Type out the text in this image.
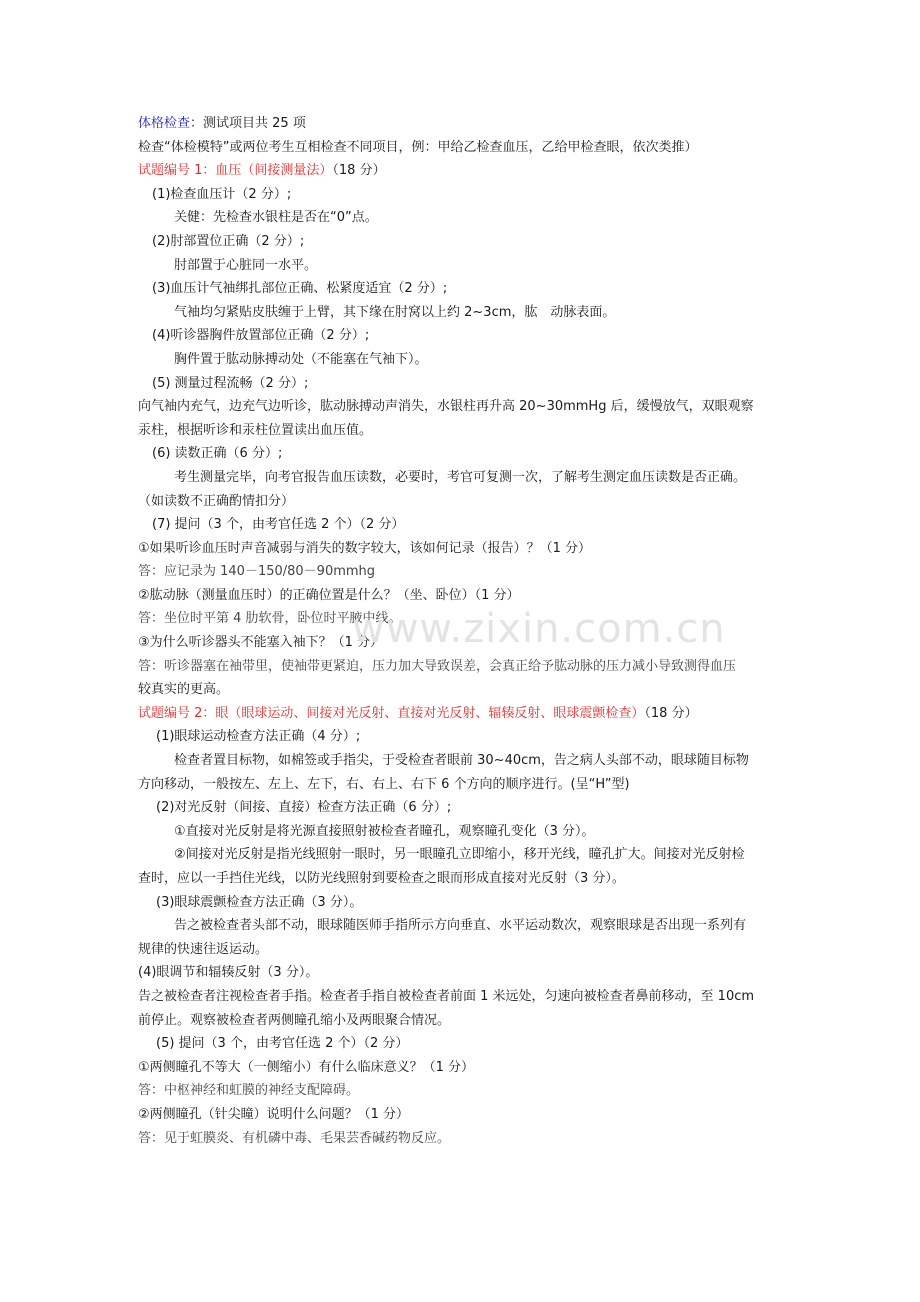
体格检查：测试项目共 25 项
检查“体检模特”或两位考生互相检查不同项目，例：甲给乙检查血压，乙给甲检查眼，依次类推）
试题编号 1：血压（间接测量法）（18 分）
(1)检查血压计（2 分）;
关健：先检查水银柱是否在“0”点。
(2)肘部置位正确（2 分）;
肘部置于心脏同一水平。
(3)血压计气袖绑扎部位正确、松紧度适宜（2 分）;
气袖均匀紧贴皮肤缠于上臂，其下缘在肘窝以上约 2~3cm，肱　动脉表面。
(4)听诊器胸件放置部位正确（2 分）;
胸件置于肱动脉搏动处（不能塞在气袖下）。
(5) 测量过程流畅（2 分）;
向气袖内充气，边充气边听诊，肱动脉搏动声消失，水银柱再升高 20~30mmHg 后，缓慢放气，双眼观察
汞柱，根据听诊和汞柱位置读出血压值。
(6) 读数正确（6 分）;
考生测量完毕，向考官报告血压读数，必要时，考官可复测一次，了解考生测定血压读数是否正确。
（如读数不正确酌情扣分）
(7) 提问（3 个，由考官任选 2 个）（2 分）
①如果听诊血压时声音减弱与消失的数字较大，该如何记录（报告）？（1 分）
答：应记录为 140－150/80－90mmhg
②肱动脉（测量血压时）的正确位置是什么？（坐、卧位）（1 分）
答：坐位时平第 4 肋软骨，卧位时平腋中线。
③为什么听诊器头不能塞入袖下？（1 分）
答：听诊器塞在袖带里，使袖带更紧迫，压力加大导致误差，会真正给予肱动脉的压力减小导致测得血压
较真实的更高。
试题编号 2：眼（眼球运动、间接对光反射、直接对光反射、辐辏反射、眼球震颤检查）（18 分）
(1)眼球运动检查方法正确（4 分）;
检查者置目标物，如棉签或手指尖，于受检查者眼前 30~40cm，告之病人头部不动，眼球随目标物
方向移动，一般按左、左上、左下，右、右上、右下 6 个方向的顺序进行。(呈“H”型)
(2)对光反射（间接、直接）检查方法正确（6 分）;
①直接对光反射是将光源直接照射被检查者瞳孔，观察瞳孔变化（3 分）。
②间接对光反射是指光线照射一眼时，另一眼瞳孔立即缩小，移开光线，瞳孔扩大。间接对光反射检
查时，应以一手挡住光线，以防光线照射到要检查之眼而形成直接对光反射（3 分）。
(3)眼球震颤检查方法正确（3 分）。
告之被检查者头部不动，眼球随医师手指所示方向垂直、水平运动数次，观察眼球是否出现一系列有
规律的快速往返运动。
(4)眼调节和辐辏反射（3 分）。
告之被检查者注视检查者手指。检查者手指自被检查者前面 1 米远处，匀速向被检查者鼻前移动，至 10cm
前停止。观察被检查者两侧瞳孔缩小及两眼聚合情况。
(5) 提问（3 个，由考官任选 2 个）（2 分）
①两侧瞳孔不等大（一侧缩小）有什么临床意义？（1 分）
答：中枢神经和虹膜的神经支配障碍。
②两侧瞳孔（针尖瞳）说明什么问题？（1 分）
答：见于虹膜炎、有机磷中毒、毛果芸香碱药物反应。
www.zixin.com.cn
